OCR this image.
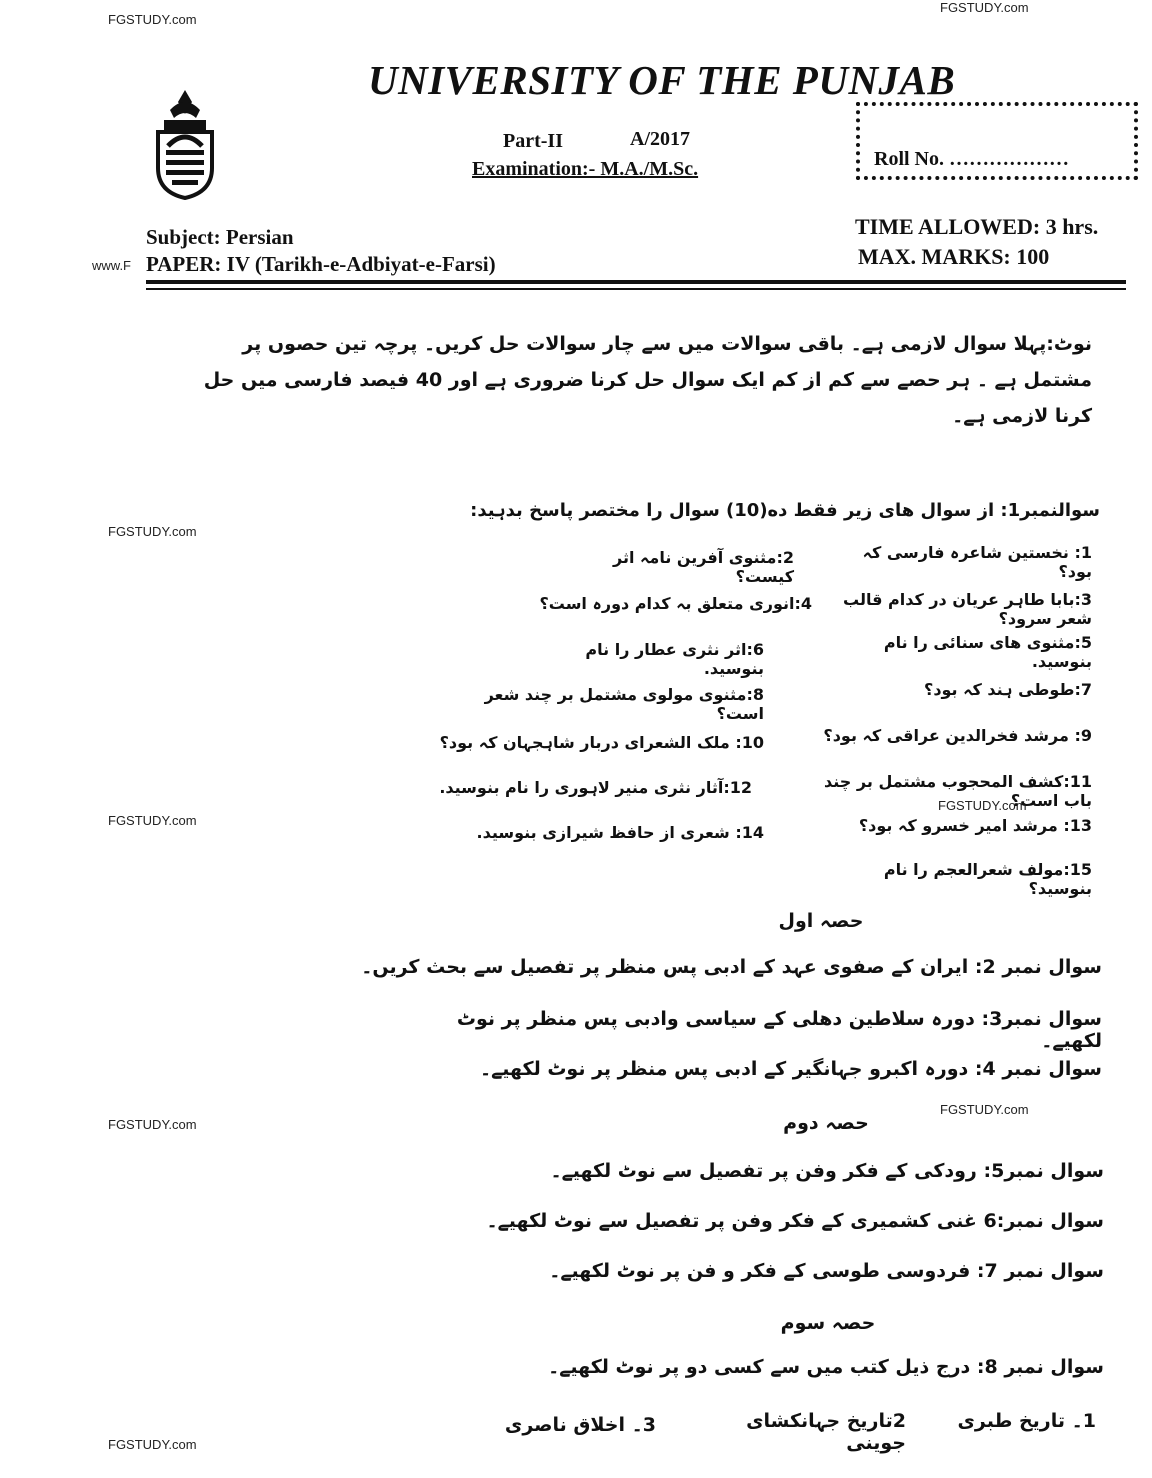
FGSTUDY.com
FGSTUDY.com
www.F
FGSTUDY.com
FGSTUDY.com
FGSTUDY.com
FGSTUDY.com
FGSTUDY.com
FGSTUDY.com
UNIVERSITY OF THE PUNJAB
Part-II	A/2017
Examination:- M.A./M.Sc.	Roll No. ………………
Subject: Persian
PAPER: IV (Tarikh-e-Adbiyat-e-Farsi)
TIME ALLOWED: 3 hrs.
MAX. MARKS: 100
نوٹ:پہلا سوال لازمی ہے۔ باقی سوالات میں سے چار سوالات حل کریں۔ پرچہ تین حصوں پر مشتمل ہے ۔ ہر حصے سے کم از کم ایک سوال حل کرنا ضروری ہے اور 40 فیصد فارسی میں حل کرنا لازمی ہے۔
سوالنمبر1: از سوال های زیر فقط ده(10) سوال را مختصر پاسخ بدہید:
1: نخستین شاعرہ فارسی کہ بود؟
2:مثنوی آفرین نامہ اثر کیست؟
3:بابا طاہر عریان در کدام قالب شعر سرود؟
4:انوری متعلق بہ کدام دورہ است؟
5:مثنوی های سنائی را نام بنوسید.
6:اثر نثری عطار را نام بنوسید.
7:طوطی ہند کہ بود؟
8:مثنوی مولوی مشتمل بر چند شعر است؟
9: مرشد فخرالدین عراقی کہ بود؟
10: ملک الشعرای دربار شاہجہان کہ بود؟
11:کشف المحجوب مشتمل بر چند باب است؟
12:آثار نثری منیر لاہوری را نام بنوسید.
13: مرشد امیر خسرو کہ بود؟
14: شعری از حافظ شیرازی بنوسید.
15:مولف شعرالعجم را نام بنوسید؟
حصہ اول
سوال نمبر 2: ایران کے صفوی عہد کے ادبی پس منظر پر تفصیل سے بحث کریں۔
سوال نمبر3: دورہ سلاطین دھلی کے سیاسی وادبی پس منظر پر نوٹ لکھیے۔
سوال نمبر 4: دورہ اکبرو جہانگیر کے ادبی پس منظر پر نوٹ لکھیے۔
حصہ دوم
سوال نمبر5: رودکی کے فکر وفن پر تفصیل سے نوٹ لکھیے۔
سوال نمبر:6 غنی کشمیری کے فکر وفن پر تفصیل سے نوٹ لکھیے۔
سوال نمبر 7: فردوسی طوسی کے فکر و فن پر نوٹ لکھیے۔
حصہ سوم
سوال نمبر 8: درج ذیل کتب میں سے کسی دو پر نوٹ لکھیے۔
1۔ تاریخ طبری
2تاریخ جہانکشای جوینی
3۔ اخلاق ناصری
